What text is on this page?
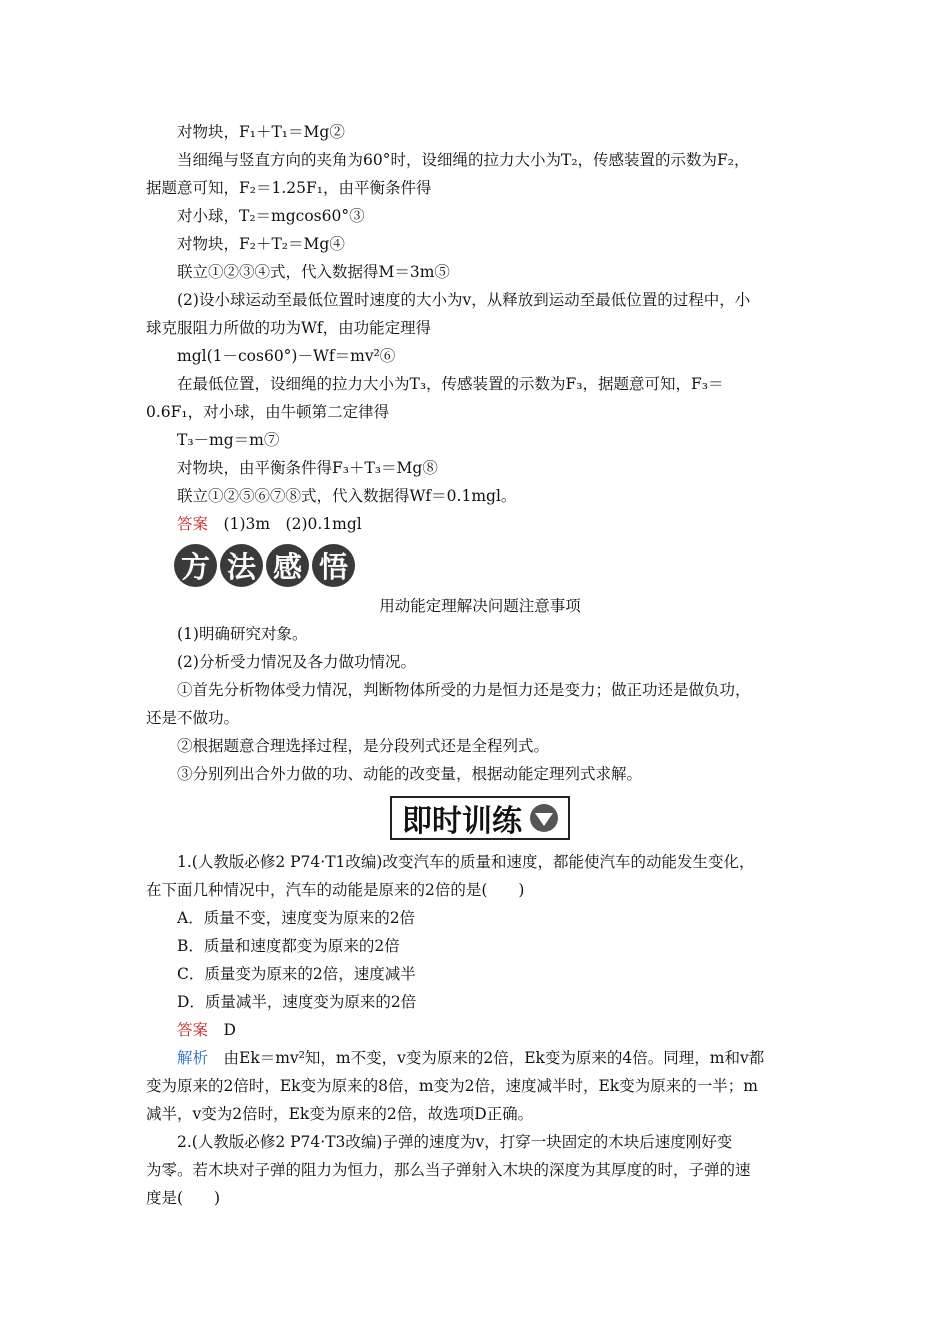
对物块，F₁＋T₁＝Mg②
当细绳与竖直方向的夹角为60°时，设细绳的拉力大小为T₂，传感装置的示数为F₂，
据题意可知，F₂＝1.25F₁，由平衡条件得
对小球，T₂＝mgcos60°③
对物块，F₂＋T₂＝Mg④
联立①②③④式，代入数据得M＝3m⑤
(2)设小球运动至最低位置时速度的大小为v，从释放到运动至最低位置的过程中，小
球克服阻力所做的功为Wf，由功能定理得
mgl(1－cos60°)－Wf＝mv²⑥
在最低位置，设细绳的拉力大小为T₃，传感装置的示数为F₃，据题意可知，F₃＝
0.6F₁，对小球，由牛顿第二定律得
T₃－mg＝m⑦
对物块，由平衡条件得F₃＋T₃＝Mg⑧
联立①②⑤⑥⑦⑧式，代入数据得Wf＝0.1mgl。
答案　 (1)3m　(2)0.1mgl
方 法 感 悟
用动能定理解决问题注意事项
(1)明确研究对象。
(2)分析受力情况及各力做功情况。
①首先分析物体受力情况，判断物体所受的力是恒力还是变力；做正功还是做负功，
还是不做功。
②根据题意合理选择过程，是分段列式还是全程列式。
③分别列出合外力做的功、动能的改变量，根据动能定理列式求解。
即时训练
1.(人教版必修2 P74·T1改编)改变汽车的质量和速度，都能使汽车的动能发生变化，
在下面几种情况中，汽车的动能是原来的2倍的是(　　)
A．质量不变，速度变为原来的2倍
B．质量和速度都变为原来的2倍
C．质量变为原来的2倍，速度减半
D．质量减半，速度变为原来的2倍
答案　 D
解析　 由Ek＝mv²知，m不变，v变为原来的2倍，Ek变为原来的4倍。同理，m和v都
变为原来的2倍时，Ek变为原来的8倍，m变为2倍，速度减半时，Ek变为原来的一半；m
减半，v变为2倍时，Ek变为原来的2倍，故选项D正确。
2.(人教版必修2 P74·T3改编)子弹的速度为v，打穿一块固定的木块后速度刚好变
为零。若木块对子弹的阻力为恒力，那么当子弹射入木块的深度为其厚度的时，子弹的速
度是(　　)
